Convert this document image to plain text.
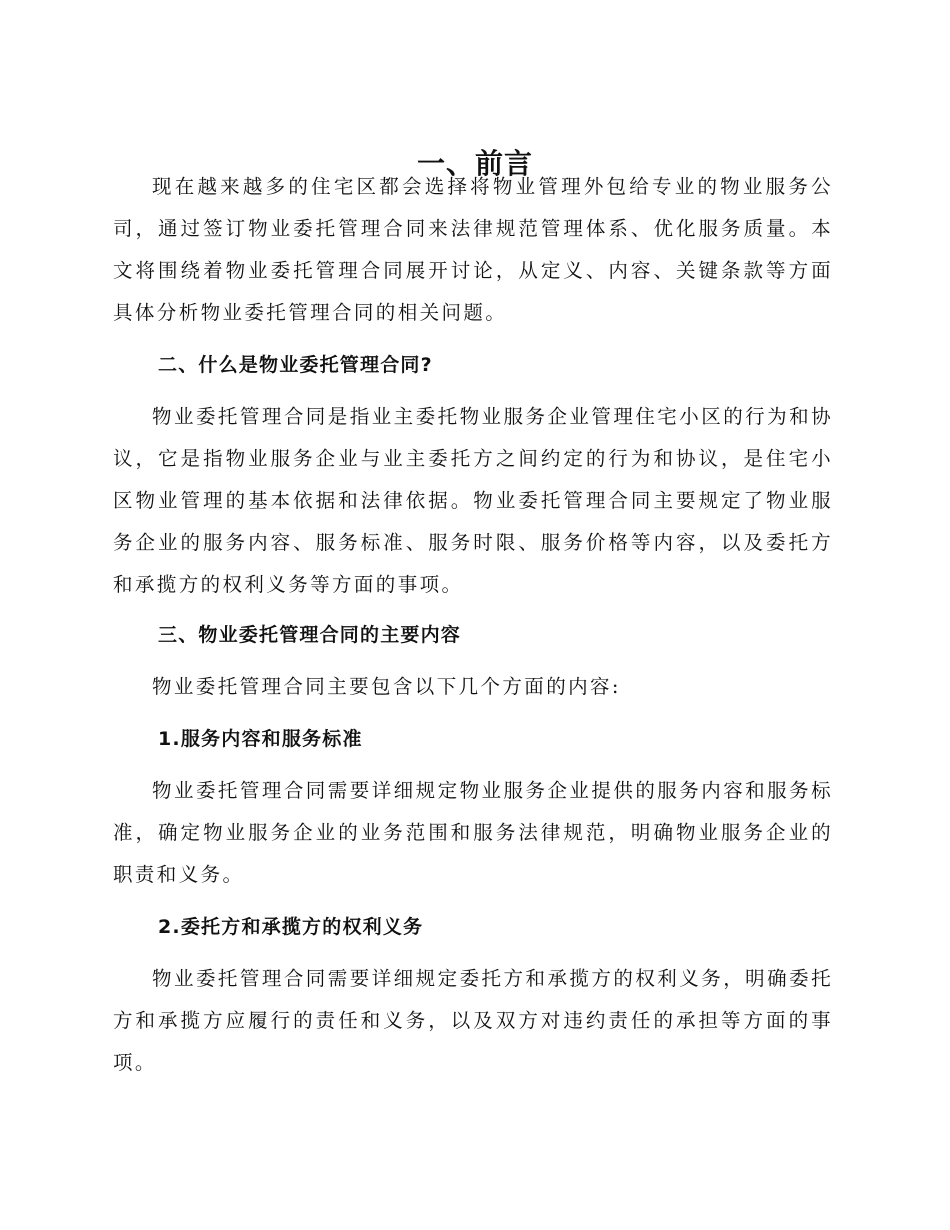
一、前言

现在越来越多的住宅区都会选择将物业管理外包给专业的物业服务公司，通过签订物业委托管理合同来法律规范管理体系、优化服务质量。本文将围绕着物业委托管理合同展开讨论，从定义、内容、关键条款等方面具体分析物业委托管理合同的相关问题。

二、什么是物业委托管理合同?

物业委托管理合同是指业主委托物业服务企业管理住宅小区的行为和协议，它是指物业服务企业与业主委托方之间约定的行为和协议，是住宅小区物业管理的基本依据和法律依据。物业委托管理合同主要规定了物业服务企业的服务内容、服务标准、服务时限、服务价格等内容，以及委托方和承揽方的权利义务等方面的事项。

三、物业委托管理合同的主要内容

物业委托管理合同主要包含以下几个方面的内容:

1.服务内容和服务标准

物业委托管理合同需要详细规定物业服务企业提供的服务内容和服务标准，确定物业服务企业的业务范围和服务法律规范，明确物业服务企业的职责和义务。

2.委托方和承揽方的权利义务

物业委托管理合同需要详细规定委托方和承揽方的权利义务，明确委托方和承揽方应履行的责任和义务，以及双方对违约责任的承担等方面的事项。
